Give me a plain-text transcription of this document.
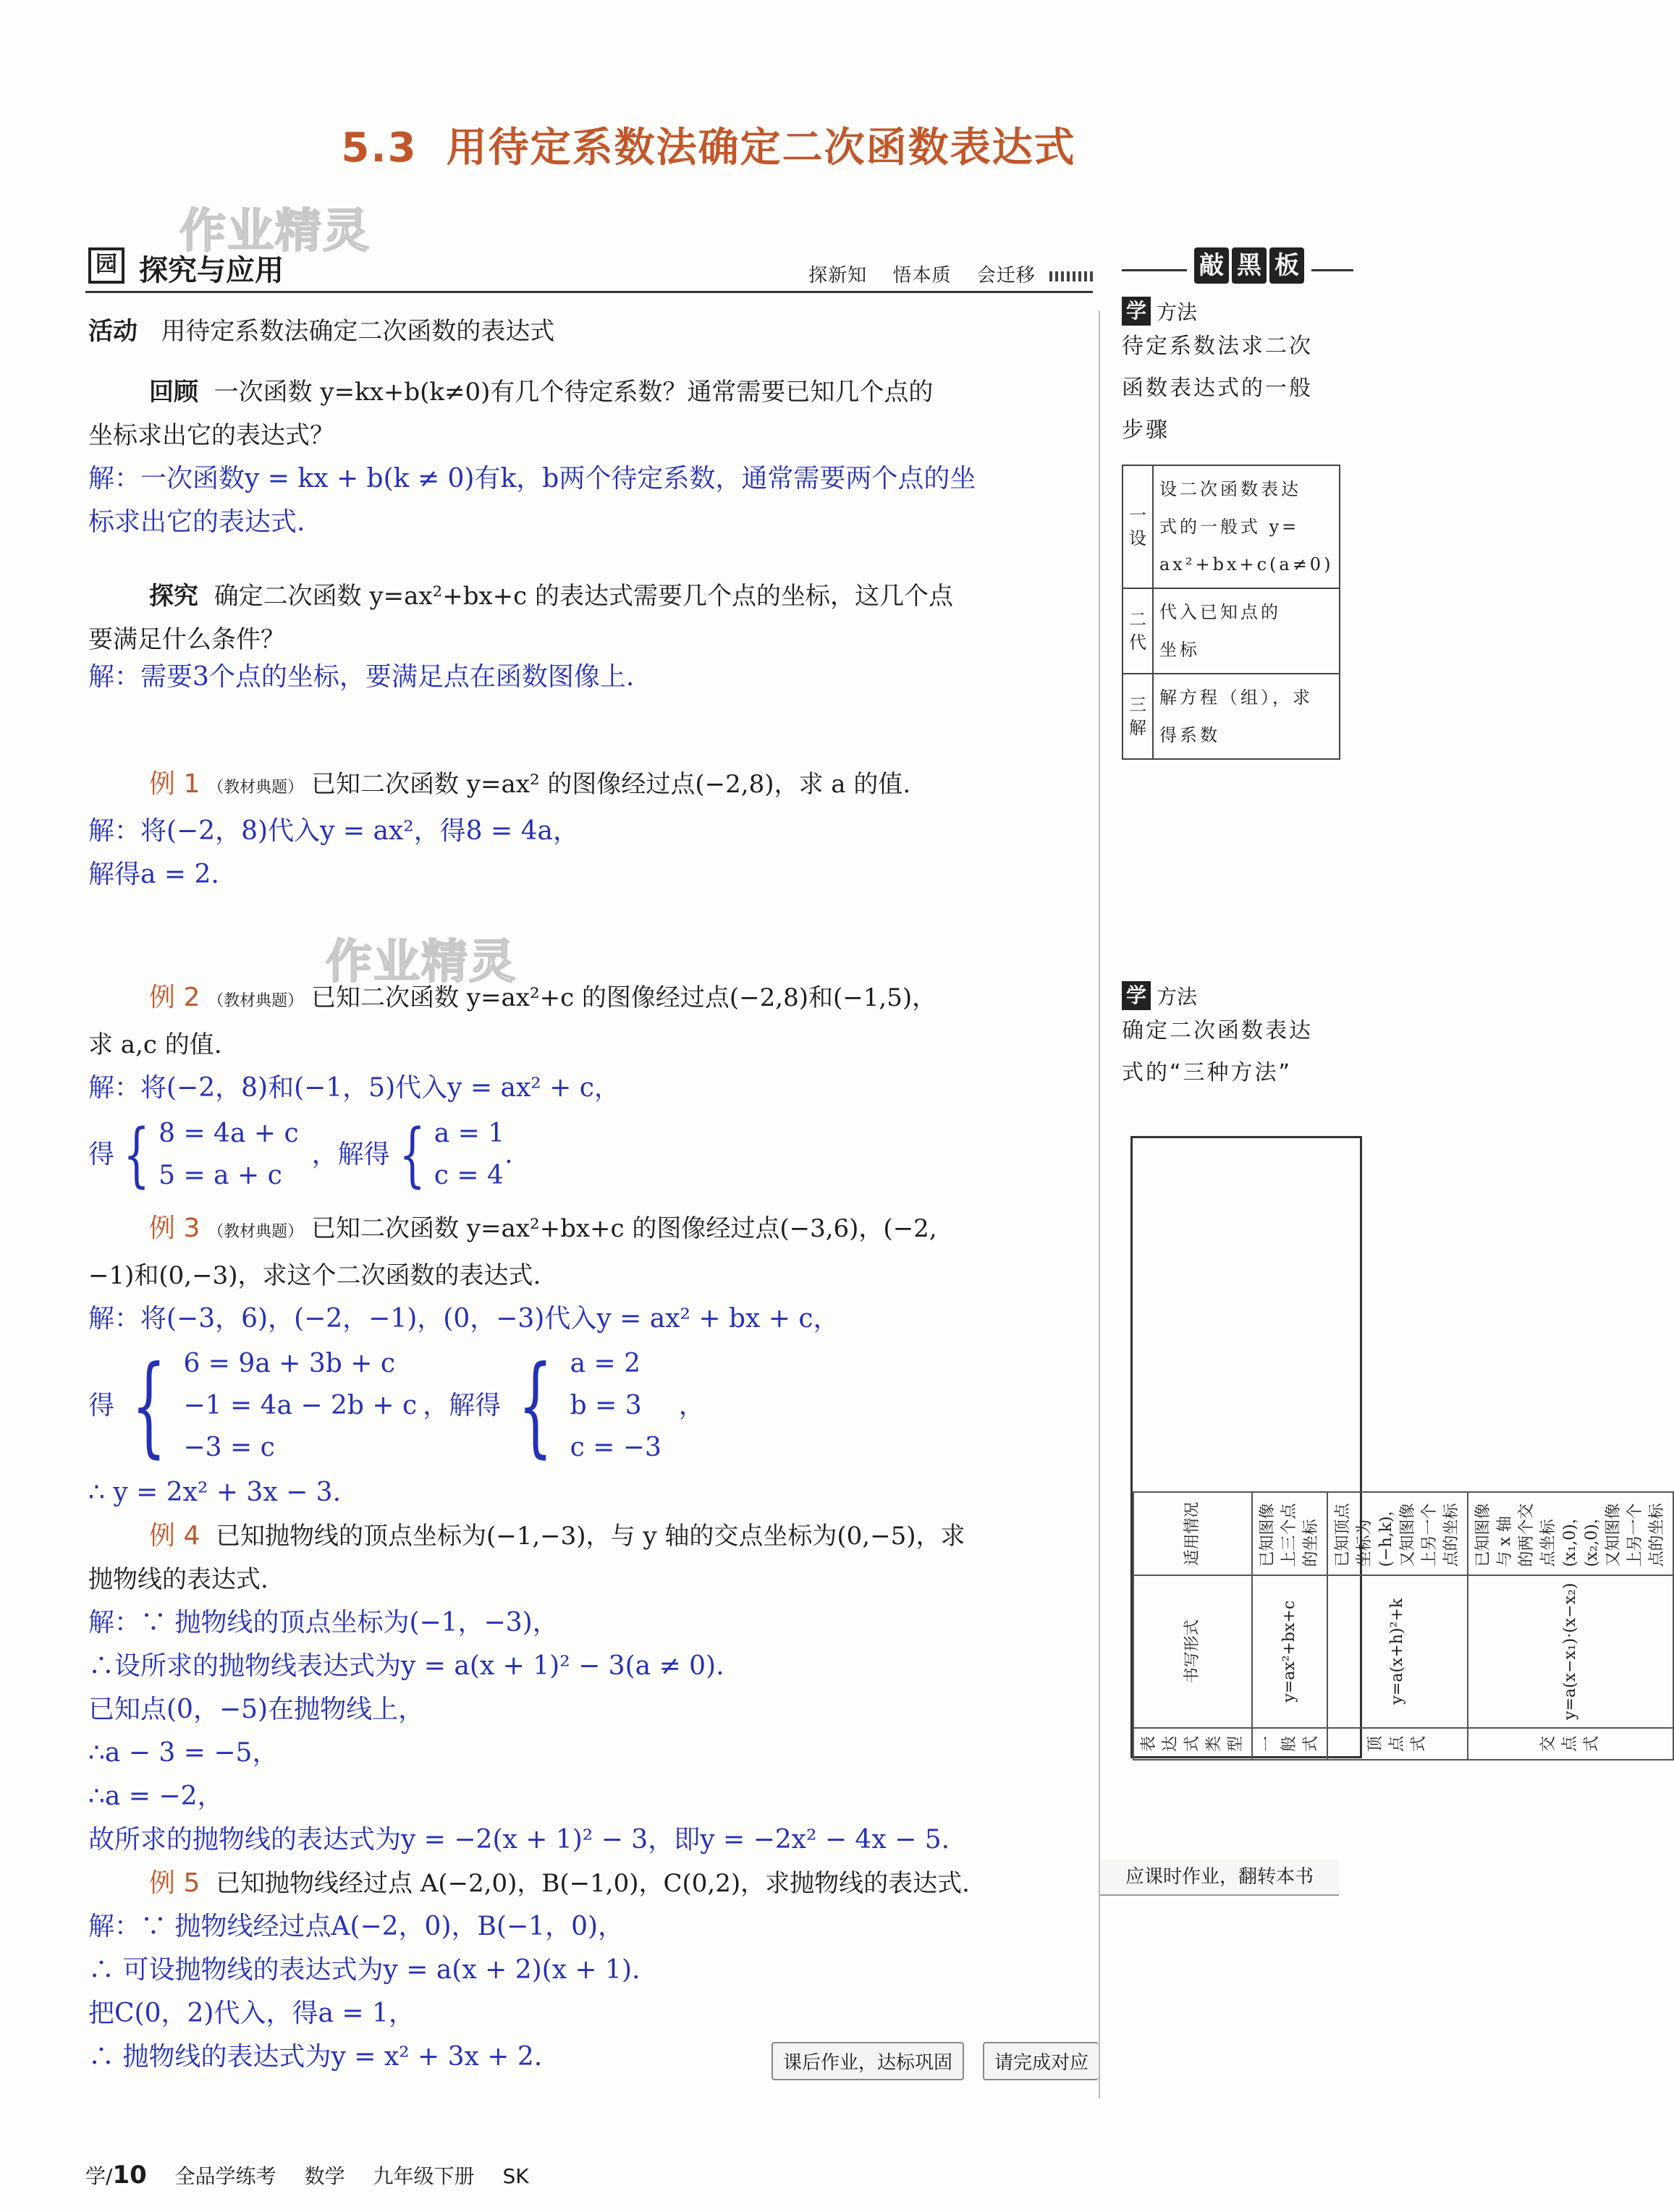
5.3 用待定系数法确定二次函数表达式
作业精灵
作业精灵
园 探究与应用	探新知 悟本质 会迁移
活动 用待定系数法确定二次函数的表达式
回顾 一次函数 y=kx+b(k≠0)有几个待定系数？通常需要已知几个点的
坐标求出它的表达式？
解：一次函数y = kx + b(k ≠ 0)有k，b两个待定系数，通常需要两个点的坐
标求出它的表达式.
探究 确定二次函数 y=ax²+bx+c 的表达式需要几个点的坐标，这几个点
要满足什么条件？
解：需要3个点的坐标，要满足点在函数图像上.
例 1 （教材典题） 已知二次函数 y=ax² 的图像经过点(−2,8)，求 a 的值.
解：将(−2，8)代入y = ax²，得8 = 4a，
解得a = 2.
例 2 （教材典题） 已知二次函数 y=ax²+c 的图像经过点(−2,8)和(−1,5)，
求 a,c 的值.
解：将(−2，8)和(−1，5)代入y = ax² + c，
得 { 8 = 4a + c
5 = a + c
，解得 { a = 1
c = 4
.
例 3 （教材典题） 已知二次函数 y=ax²+bx+c 的图像经过点(−3,6)，(−2,
−1)和(0,−3)，求这个二次函数的表达式.
解：将(−3，6)，(−2，−1)，(0，−3)代入y = ax² + bx + c，
得 { 6 = 9a + 3b + c
−1 = 4a − 2b + c
−3 = c
，解得 { a = 2
b = 3
c = −3
，
∴ y = 2x² + 3x − 3.
例 4 已知抛物线的顶点坐标为(−1,−3)，与 y 轴的交点坐标为(0,−5)，求
抛物线的表达式.
解：∵ 抛物线的顶点坐标为(−1，−3)，
∴设所求的抛物线表达式为y = a(x + 1)² − 3(a ≠ 0).
已知点(0，−5)在抛物线上，
∴a − 3 = −5，
∴a = −2，
故所求的抛物线的表达式为y = −2(x + 1)² − 3，即y = −2x² − 4x − 5.
例 5 已知抛物线经过点 A(−2,0)，B(−1,0)，C(0,2)，求抛物线的表达式.
解：∵ 抛物线经过点A(−2，0)，B(−1，0)，
∴ 可设抛物线的表达式为y = a(x + 2)(x + 1).
把C(0，2)代入，得a = 1，
∴ 抛物线的表达式为y = x² + 3x + 2.
敲 黑 板
学 方法
待定系数法求二次
函数表达式的一般
步骤
一设	设二次函数表达
式的一般式 y=
ax²+bx+c(a≠0)

二代	代入已知点的
坐标

三解	解方程（组），求
得系数
学 方法
确定二次函数表达
式的“三种方法”
表达式类型	书写形式	适用情况
一般式	y=ax²+bx+c	已知图像上三个点的坐标
顶点式	y=a(x+h)²+k	已知顶点坐标为(−h,k)，又知图像上另一个点的坐标
交点式	y=a(x−x₁)·(x−x₂)	已知图像与 x 轴的两个交点坐标(x₁,0)，(x₂,0)，又知图像上另一个点的坐标
应课时作业，翻转本书
课后作业，达标巩固	请完成对应
学/10 全品学练考 数学 九年级下册 SK
